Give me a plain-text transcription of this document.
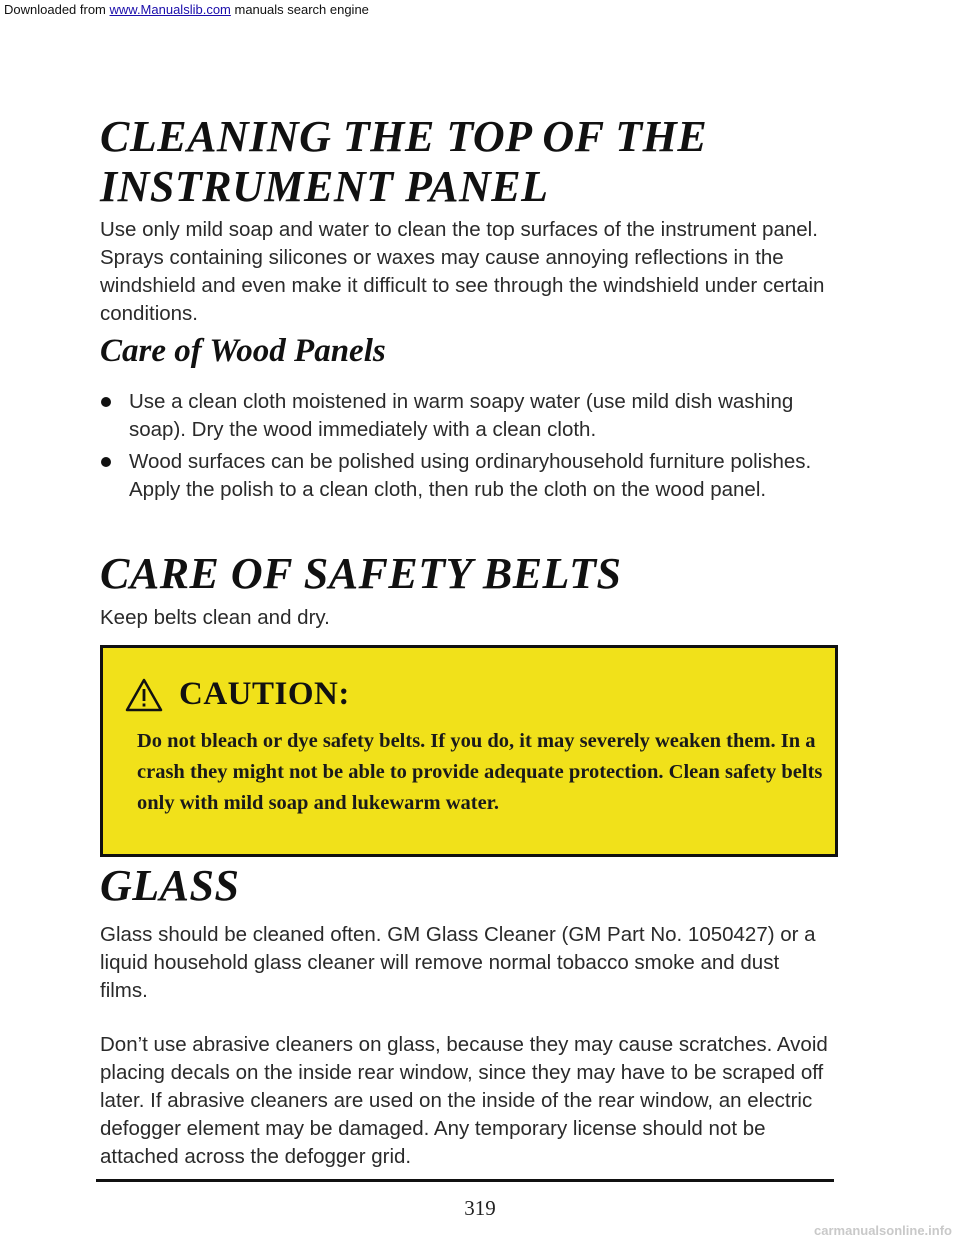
Downloaded from www.Manualslib.com manuals search engine
CLEANING THE TOP OF THE
INSTRUMENT PANEL

Use only mild soap and water to clean the top surfaces of the instrument panel. Sprays containing silicones or waxes may cause annoying reflections in the windshield and even make it difficult to see through the windshield under certain conditions.

Care of Wood Panels
Use a clean cloth moistened in warm soapy water (use mild dish washing soap). Dry the wood immediately with a clean cloth.
Wood surfaces can be polished using ordinaryhousehold furniture polishes. Apply the polish to a clean cloth, then rub the cloth on the wood panel.
CARE OF SAFETY BELTS

Keep belts clean and dry.

CAUTION:

Do not bleach or dye safety belts. If you do, it may severely weaken them. In a crash they might not be able to provide adequate protection. Clean safety belts only with mild soap and lukewarm water.

GLASS

Glass should be cleaned often. GM Glass Cleaner (GM Part No. 1050427) or a liquid household glass cleaner will remove normal tobacco smoke and dust films.

Don’t use abrasive cleaners on glass, because they may cause scratches. Avoid placing decals on the inside rear window, since they may have to be scraped off later. If abrasive cleaners are used on the inside of the rear window, an electric defogger element may be damaged. Any temporary license should not be attached across the defogger grid.

319
carmanualsonline.info
